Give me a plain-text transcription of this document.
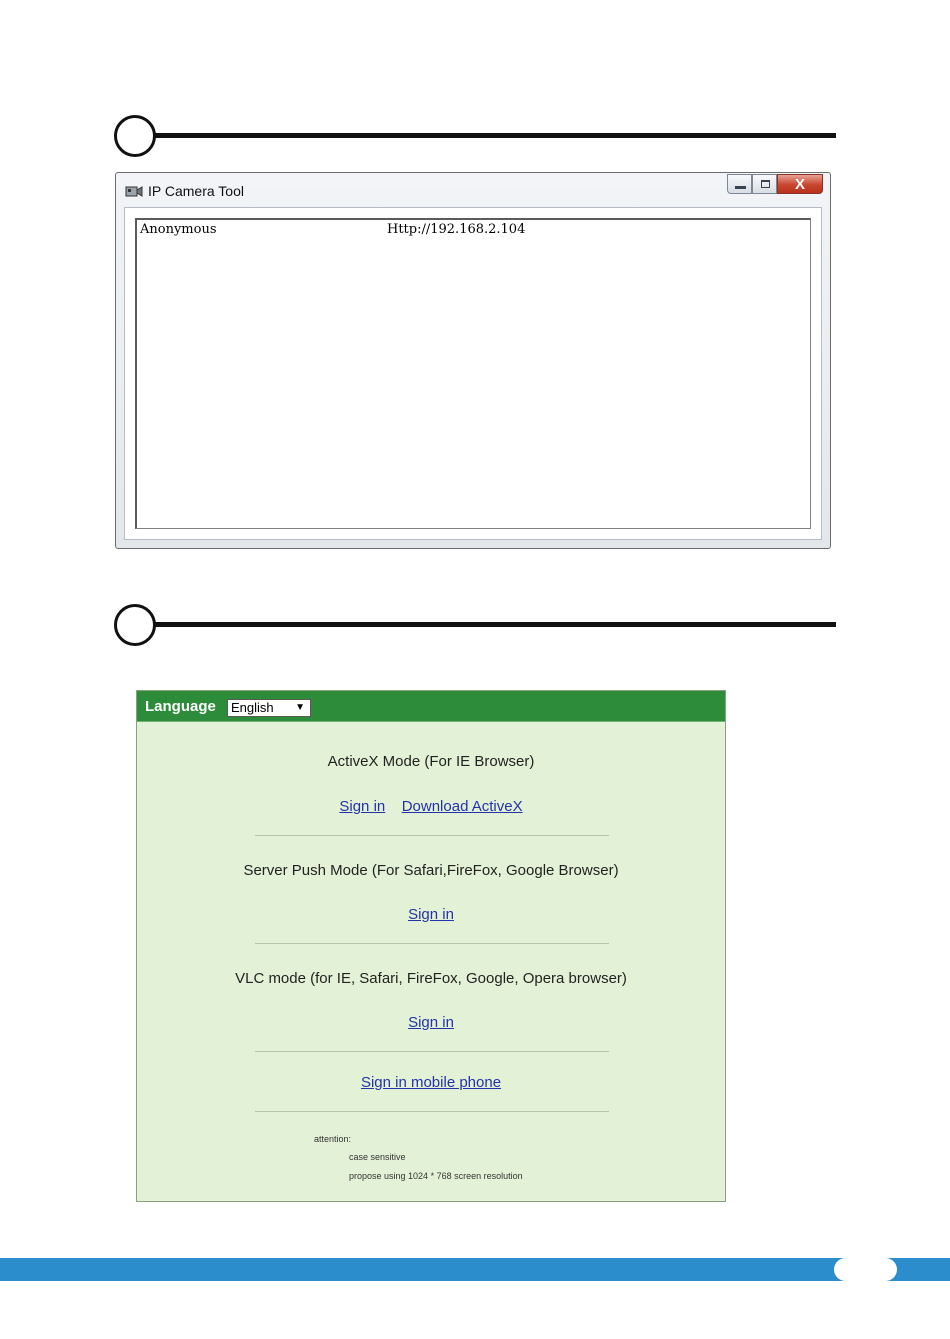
IP Camera Tool	X
Anonymous	Http://192.168.2.104
Language	English ▼
ActiveX Mode (For IE Browser)
Sign in Download ActiveX
Server Push Mode (For Safari,FireFox, Google Browser)
Sign in
VLC mode (for IE, Safari, FireFox, Google, Opera browser)
Sign in
Sign in mobile phone
attention:
case sensitive
propose using 1024 * 768 screen resolution
